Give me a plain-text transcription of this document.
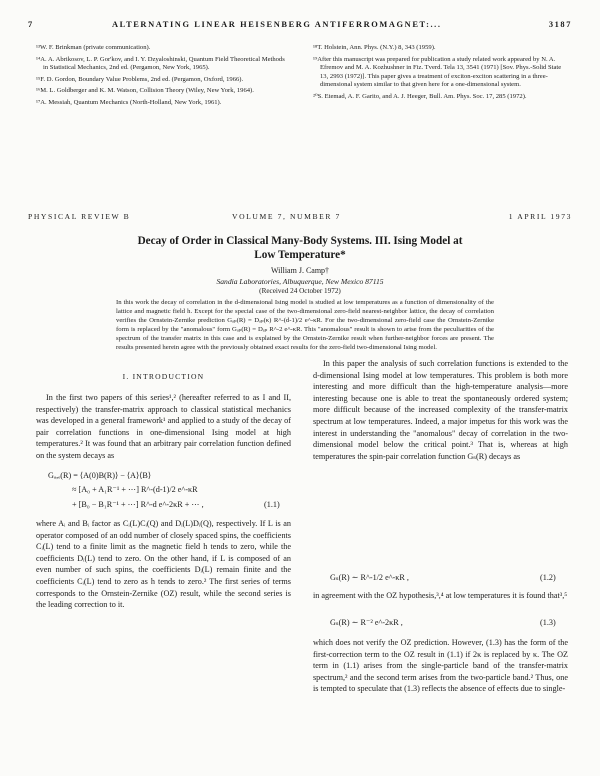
7	ALTERNATING LINEAR HEISENBERG ANTIFERROMAGNET:...	3187

¹³W. F. Brinkman (private communication).

¹⁴A. A. Abrikosov, L. P. Gor'kov, and I. Y. Dzyaloshinski, Quantum Field Theoretical Methods in Statistical Mechanics, 2nd ed. (Pergamon, New York, 1965).

¹⁵F. D. Gordon, Boundary Value Problems, 2nd ed. (Pergamon, Oxford, 1966).

¹⁶M. L. Goldberger and K. M. Watson, Collision Theory (Wiley, New York, 1964).

¹⁷A. Messiah, Quantum Mechanics (North-Holland, New York, 1961).

¹⁸T. Holstein, Ann. Phys. (N.Y.) 8, 343 (1959).

¹⁹After this manuscript was prepared for publication a study related work appeared by N. A. Efremov and M. A. Kozhushner in Fiz. Tverd. Tela 13, 3541 (1971) [Sov. Phys.-Solid State 13, 2993 (1972)]. This paper gives a treatment of exciton-exciton scattering in a three-dimensional system similar to that given here for a one-dimensional system.

²⁰S. Etemad, A. F. Garito, and A. J. Heeger, Bull. Am. Phys. Soc. 17, 285 (1972).

PHYSICAL REVIEW B	VOLUME 7, NUMBER 7	1 APRIL 1973
Decay of Order in Classical Many-Body Systems. III. Ising Model at
Low Temperature*
William J. Camp†
Sandia Laboratories, Albuquerque, New Mexico 87115
(Received 24 October 1972)
In this work the decay of correlation in the d-dimensional Ising model is studied at low temperatures as a function of dimensionality of the lattice and magnetic field h. Except for the special case of the two-dimensional zero-field nearest-neighbor lattice, the decay of correlation verifies the Ornstein-Zernike prediction Gₐₚ(R) = Dₐₚ(κ) R^-(d-1)/2 e^-κR. For the two-dimensional zero-field case the Ornstein-Zernike form is replaced by the "anomalous" form Gₐₚ(R) = Dₐₚ R^-2 e^-κR. This "anomalous" result is shown to arise from the peculiarities of the spectrum of the transfer matrix in this case and is explained by the Ornstein-Zernike result when further-neighbor forces are present. The results presented herein agree with the previously obtained exact results for the zero-field two-dimensional Ising model.
I. INTRODUCTION

In the first two papers of this series¹,² (hereafter referred to as I and II, respectively) the transfer-matrix approach to classical statistical mechanics was developed in a general framework¹ and applied to a study of the decay of pair correlation functions in one-dimensional Ising model at high temperatures.² It was found that an arbitrary pair correlation function defined on the system decays as

Gₐ,ₑ(R) = ⟨A(0)B(R)⟩ − ⟨A⟩⟨B⟩
≈ [A₀ + A₁R⁻¹ + ⋯] R^-(d-1)/2 e^-κR
+ [B₀ − B₁R⁻¹ + ⋯] R^-d e^-2κR + ⋯ ,	(1.1)

where Aᵢ and Bᵢ factor as Cᵢ(L)Cᵢ(Q) and Dᵢ(L)Dᵢ(Q), respectively. If L is an operator composed of an odd number of closely spaced spins, the coefficients Cᵢ(L) tend to a finite limit as the magnetic field h tends to zero, while the coefficients Dᵢ(L) tend to zero. On the other hand, if L is composed of an even number of such spins, the coefficients Dᵢ(L) remain finite and the coefficients Cᵢ(L) tend to zero as h tends to zero.² The first series of terms corresponds to the Ornstein-Zernike (OZ) result, while the second series is the leading correction to it.

In this paper the analysis of such correlation functions is extended to the d-dimensional Ising model at low temperatures. This problem is both more interesting and more difficult than the high-temperature analysis—more interesting because one is able to treat the spontaneously ordered system; more difficult because of the increased complexity of the transfer-matrix spectrum at low temperatures. Indeed, a major impetus for this work was the interest in understanding the "anomalous" decay of correlation in the two-dimensional model below the critical point.³ That is, whereas at high temperatures the spin-pair correlation function Gₛ(R) decays as

Gₛ(R) ∼ R^-1/2 e^-κR ,	(1.2)

in agreement with the OZ hypothesis,³,⁴ at low temperatures it is found that³,⁵

Gₛ(R) ∼ R⁻² e^-2κR ,	(1.3)

which does not verify the OZ prediction. However, (1.3) has the form of the first-correction term to the OZ result in (1.1) if 2κ is replaced by κ. The OZ term in (1.1) arises from the single-particle band of the transfer-matrix spectrum,² and the second term arises from the two-particle band.² Thus, one is tempted to speculate that (1.3) reflects the absence of effects due to single-
